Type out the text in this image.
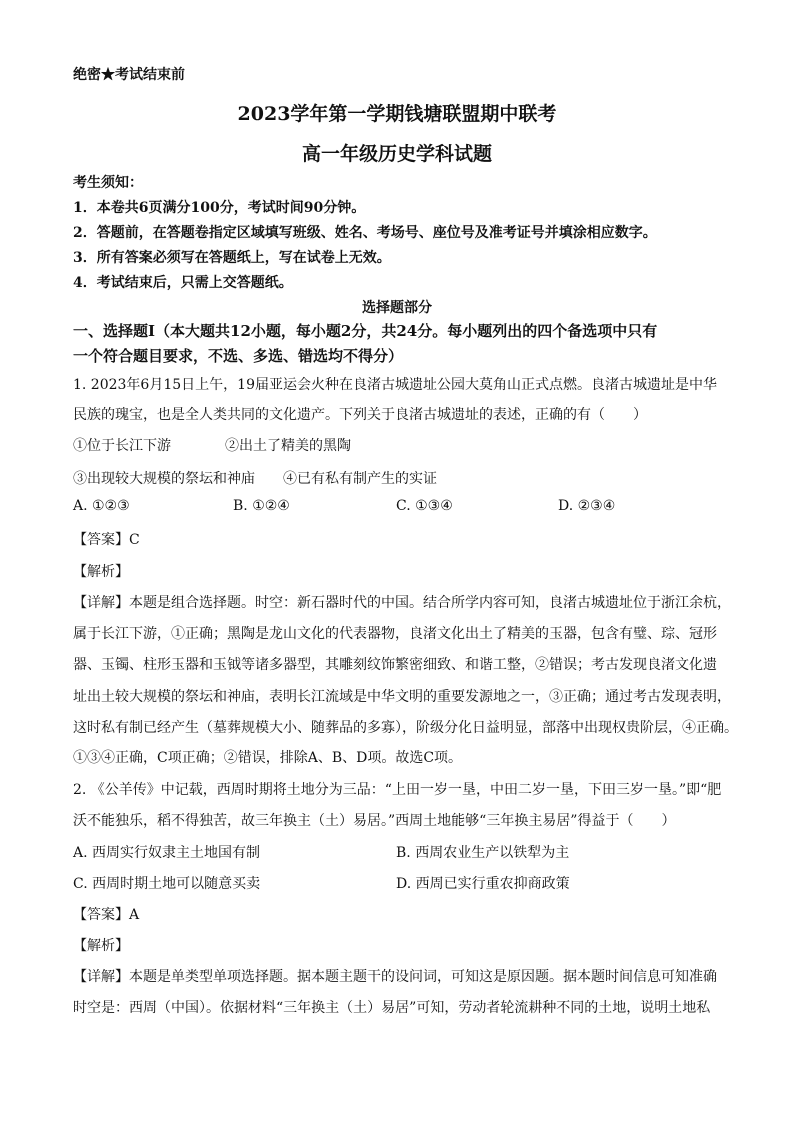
绝密★考试结束前
2023学年第一学期钱塘联盟期中联考
高一年级历史学科试题
考生须知：
1．本卷共6页满分100分，考试时间90分钟。
2．答题前，在答题卷指定区域填写班级、姓名、考场号、座位号及准考证号并填涂相应数字。
3．所有答案必须写在答题纸上，写在试卷上无效。
4．考试结束后，只需上交答题纸。
选择题部分
一、选择题Ⅰ（本大题共12小题，每小题2分，共24分。每小题列出的四个备选项中只有
一个符合题目要求，不选、多选、错选均不得分）
1. 2023年6月15日上午，19届亚运会火种在良渚古城遗址公园大莫角山正式点燃。良渚古城遗址是中华
民族的瑰宝，也是全人类共同的文化遗产。下列关于良渚古城遗址的表述，正确的有（　　）
①位于长江下游	②出土了精美的黑陶
③出现较大规模的祭坛和神庙 ④已有私有制产生的实证
A. ①②③	B. ①②④	C. ①③④	D. ②③④
【答案】C
【解析】
【详解】本题是组合选择题。时空：新石器时代的中国。结合所学内容可知，良渚古城遗址位于浙江余杭，
属于长江下游，①正确；黑陶是龙山文化的代表器物，良渚文化出土了精美的玉器，包含有璧、琮、冠形
器、玉镯、柱形玉器和玉钺等诸多器型，其雕刻纹饰繁密细致、和谐工整，②错误；考古发现良渚文化遗
址出土较大规模的祭坛和神庙，表明长江流域是中华文明的重要发源地之一，③正确；通过考古发现表明，
这时私有制已经产生（墓葬规模大小、随葬品的多寡），阶级分化日益明显，部落中出现权贵阶层，④正确。
①③④正确，C项正确；②错误，排除A、B、D项。故选C项。
2. 《公羊传》中记载，西周时期将土地分为三品：“上田一岁一垦，中田二岁一垦，下田三岁一垦。”即“肥
沃不能独乐，稻不得独苦，故三年换主（土）易居。”西周土地能够“三年换主易居”得益于（　　）
A. 西周实行奴隶主土地国有制	B. 西周农业生产以铁犁为主
C. 西周时期土地可以随意买卖	D. 西周已实行重农抑商政策
【答案】A
【解析】
【详解】本题是单类型单项选择题。据本题主题干的设问词，可知这是原因题。据本题时间信息可知准确
时空是：西周（中国）。依据材料“三年换主（土）易居”可知，劳动者轮流耕种不同的土地，说明土地私
